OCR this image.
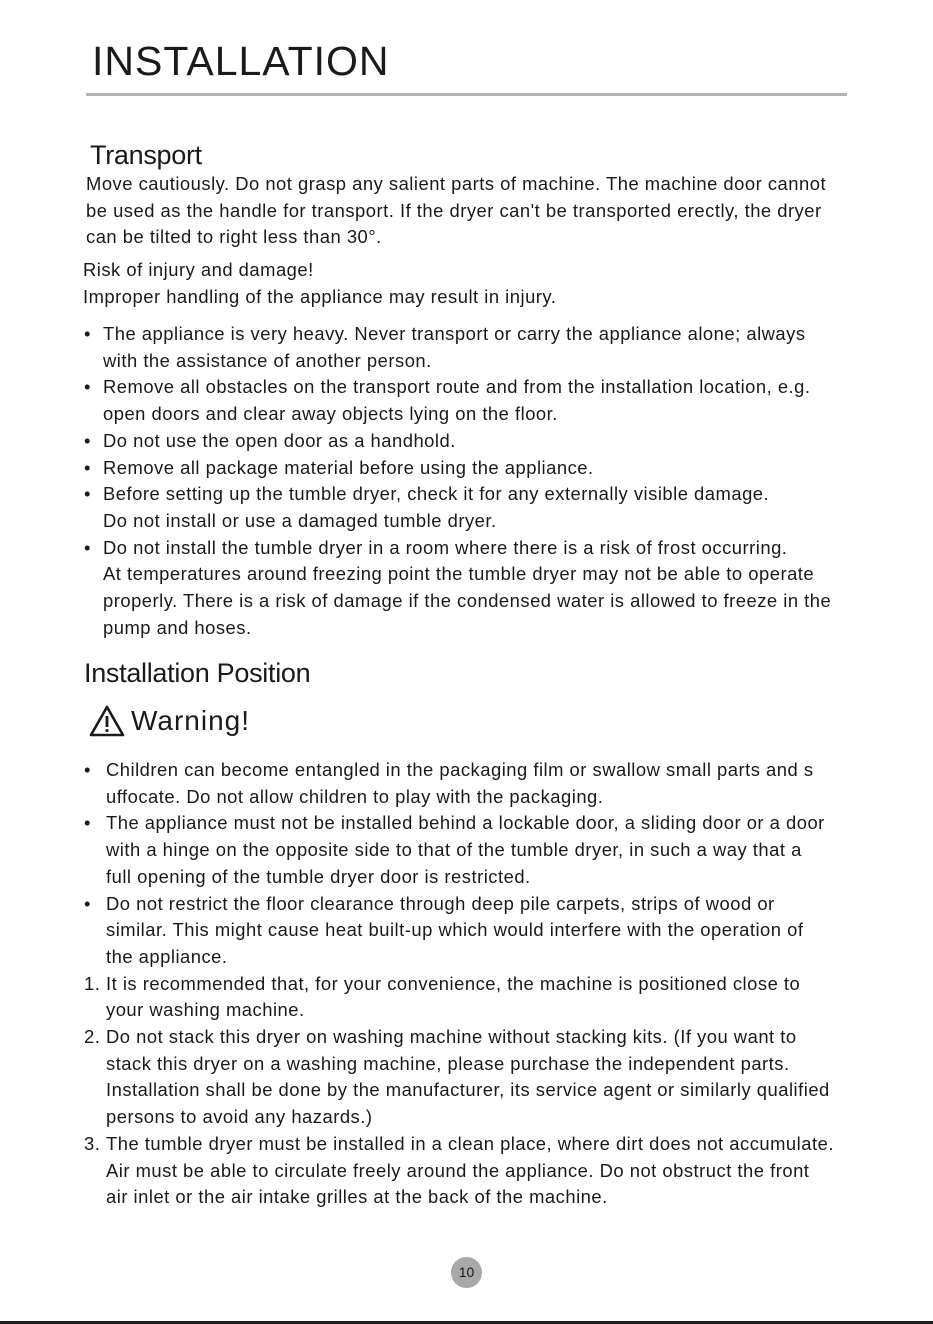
INSTALLATION
Transport

Move cautiously. Do not grasp any salient parts of machine. The machine door cannot
be used as the handle for transport. If the dryer can't be transported erectly, the dryer
can be tilted to right less than 30°.

Risk of injury and damage!
Improper handling of the appliance may result in injury.

• The appliance is very heavy. Never transport or carry the appliance alone; always
with the assistance of another person.
• Remove all obstacles on the transport route and from the installation location, e.g.
open doors and clear away objects lying on the floor.
• Do not use the open door as a handhold.
• Remove all package material before using the appliance.
• Before setting up the tumble dryer, check it for any externally visible damage.
Do not install or use a damaged tumble dryer.
• Do not install the tumble dryer in a room where there is a risk of frost occurring.
At temperatures around freezing point the tumble dryer may not be able to operate
properly. There is a risk of damage if the condensed water is allowed to freeze in the
pump and hoses.
Installation Position
Warning!
• Children can become entangled in the packaging film or swallow small parts and s
uffocate. Do not allow children to play with the packaging.
• The appliance must not be installed behind a lockable door, a sliding door or a door
with a hinge on the opposite side to that of the tumble dryer, in such a way that a
full opening of the tumble dryer door is restricted.
• Do not restrict the floor clearance through deep pile carpets, strips of wood or
similar. This might cause heat built-up which would interfere with the operation of
the appliance.
1. It is recommended that, for your convenience, the machine is positioned close to
your washing machine.
2. Do not stack this dryer on washing machine without stacking kits. (If you want to
stack this dryer on a washing machine, please purchase the independent parts.
Installation shall be done by the manufacturer, its service agent or similarly qualified
persons to avoid any hazards.)
3. The tumble dryer must be installed in a clean place, where dirt does not accumulate.
Air must be able to circulate freely around the appliance. Do not obstruct the front
air inlet or the air intake grilles at the back of the machine.
10
